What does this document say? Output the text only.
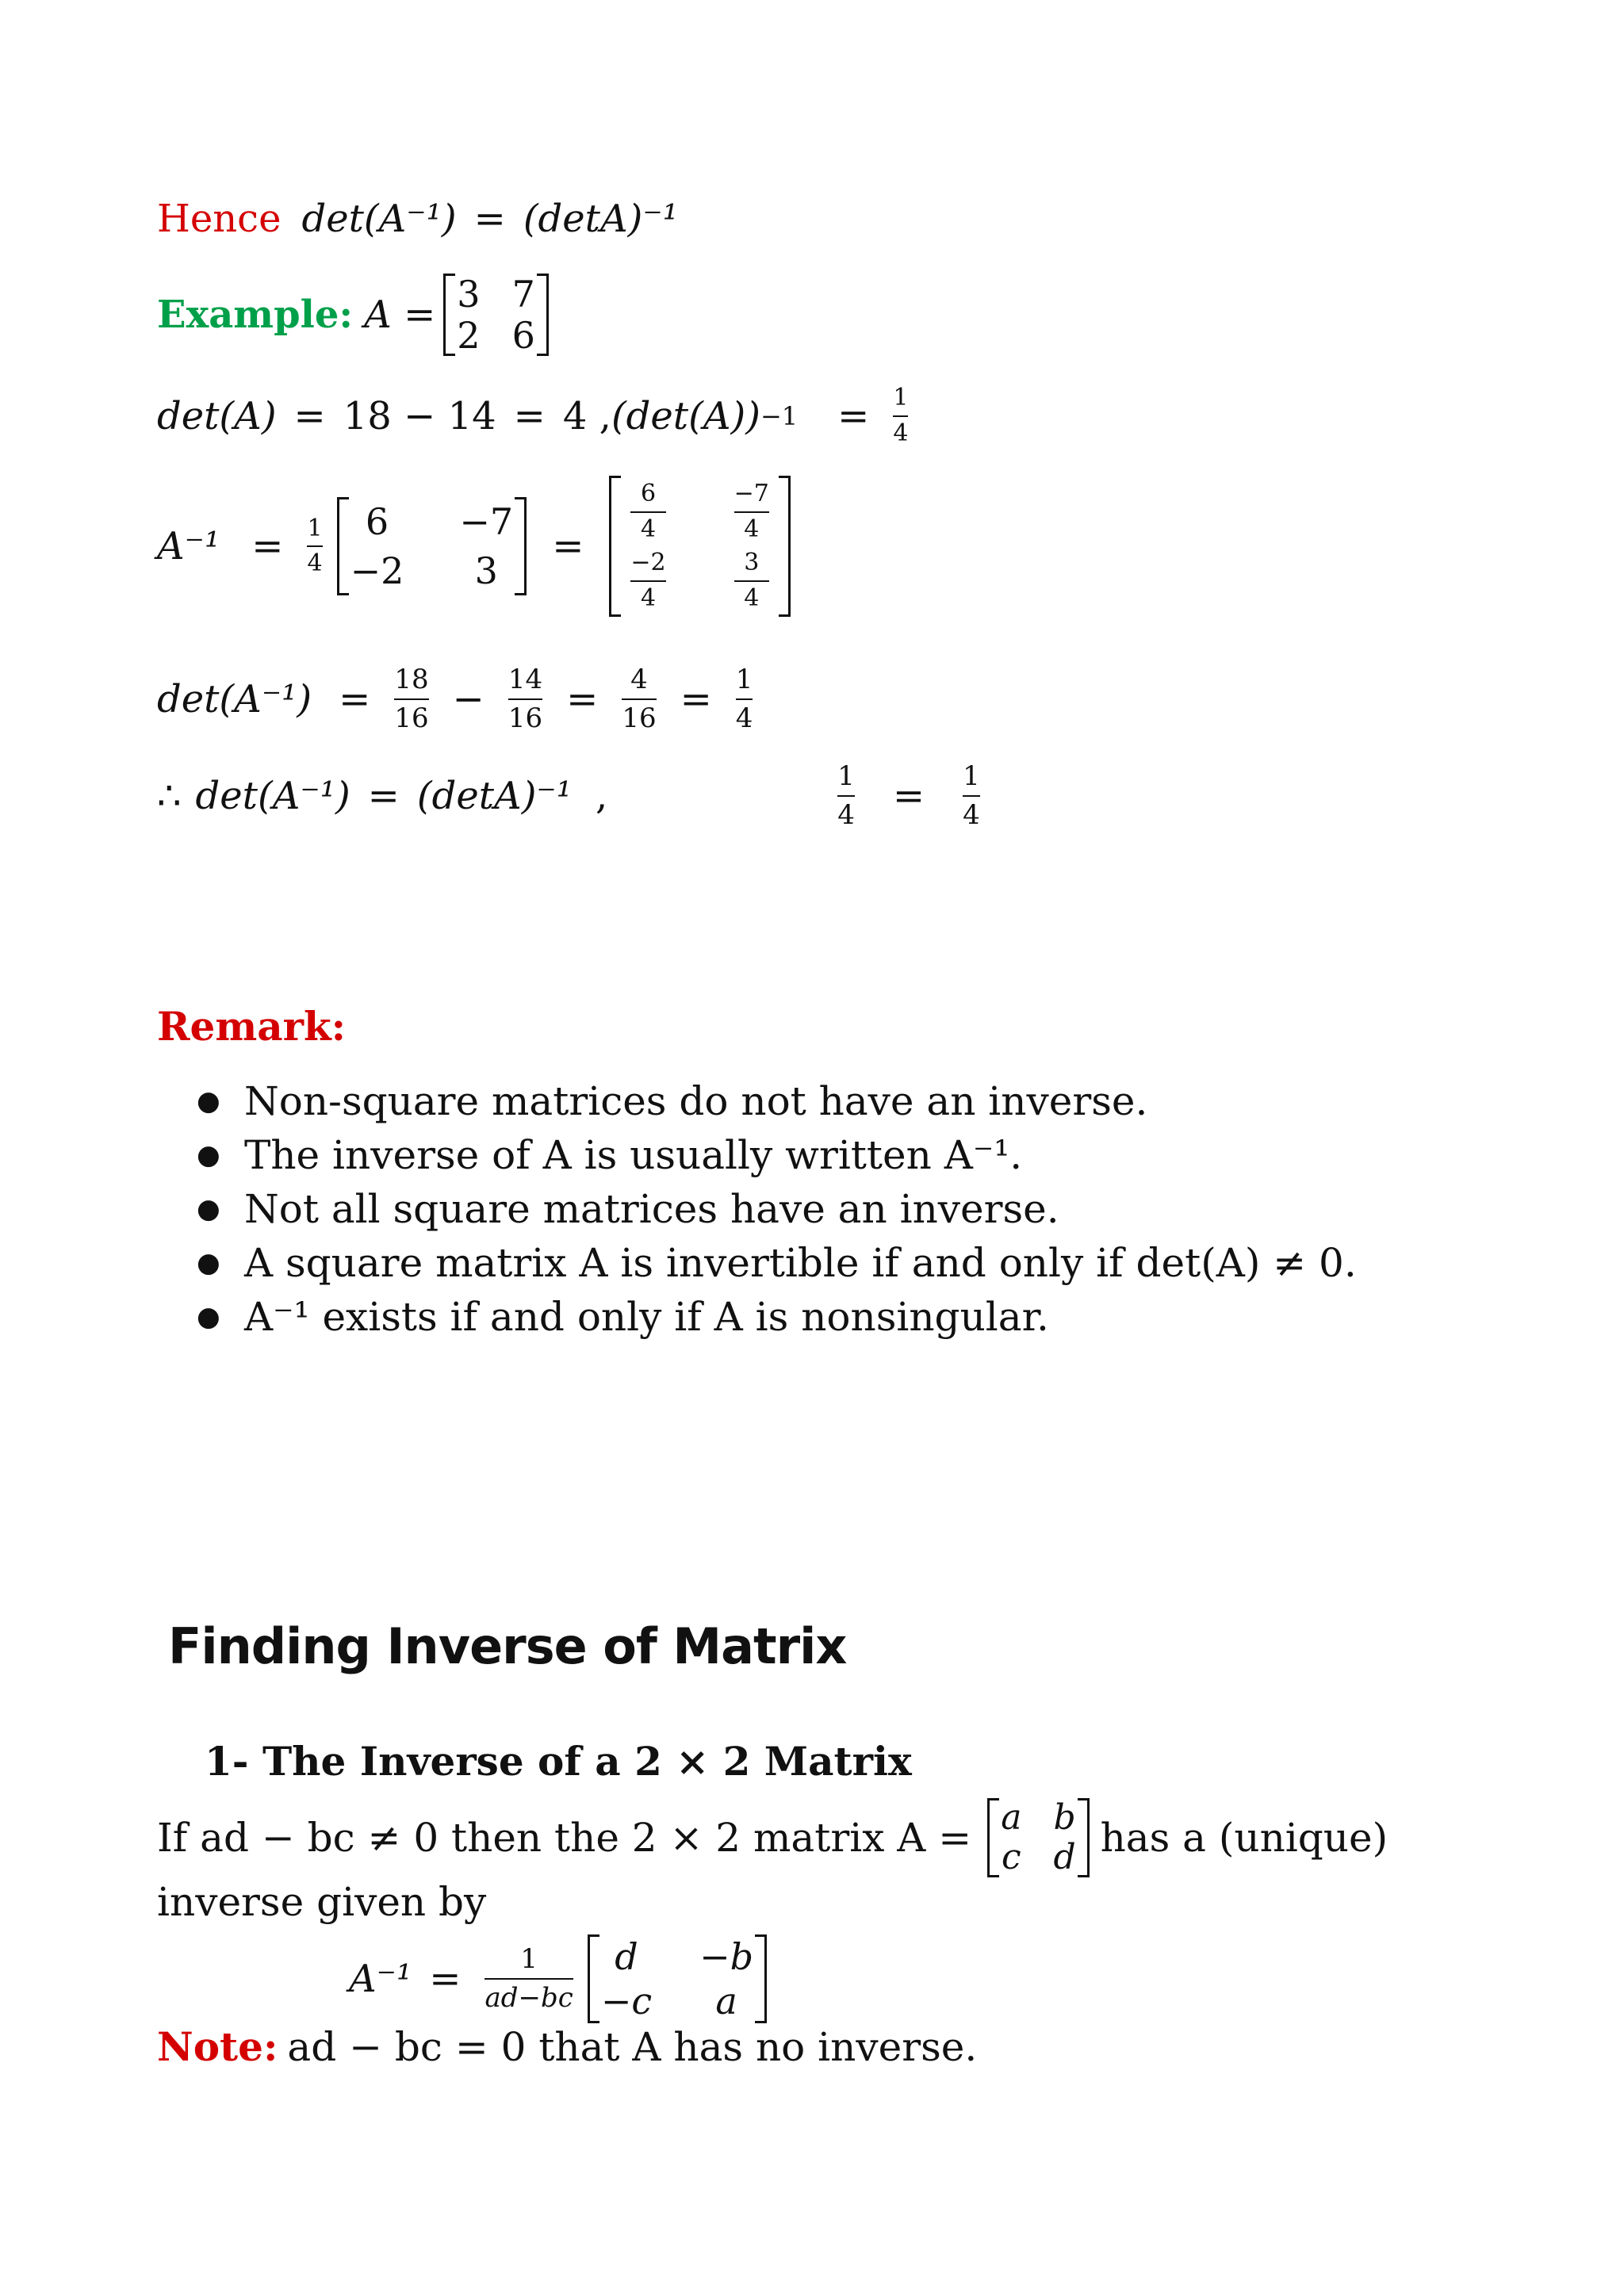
Hence det(A⁻¹) = (detA)⁻¹
Example: A = 3 7
2 6
det(A) = 18 − 14 = 4 , $(\det(A)) -1 = \frac{1}{4}$
$A^{-1} = \frac{1}{4}$	6	−7
−2	3
=
$\frac{6}{4}$	$\frac{-7}{4}$
$\frac{-2}{4}$	$\frac{3}{4}$
$\det(A^{-1}) = \frac{18}{16} - \frac{14}{16} = \frac{4}{16} = \frac{1}{4}$
∴ det(A⁻¹) = (detA)⁻¹ ,	$\frac{1}{4} = \frac{1}{4}$
Remark:
● Non-square matrices do not have an inverse.
● The inverse of A is usually written A⁻¹.
● Not all square matrices have an inverse.
● A square matrix A is invertible if and only if det(A) ≠ 0.
● A⁻¹ exists if and only if A is nonsingular.
Finding Inverse of Matrix
1- The Inverse of a 2 × 2 Matrix
If ad − bc ≠ 0 then the 2 × 2 matrix A = a b
c d has a (unique)
inverse given by
$A^{-1} = \frac{1}{ad-bc}$	d	−b
−c	a
Note: ad − bc = 0 that A has no inverse.
